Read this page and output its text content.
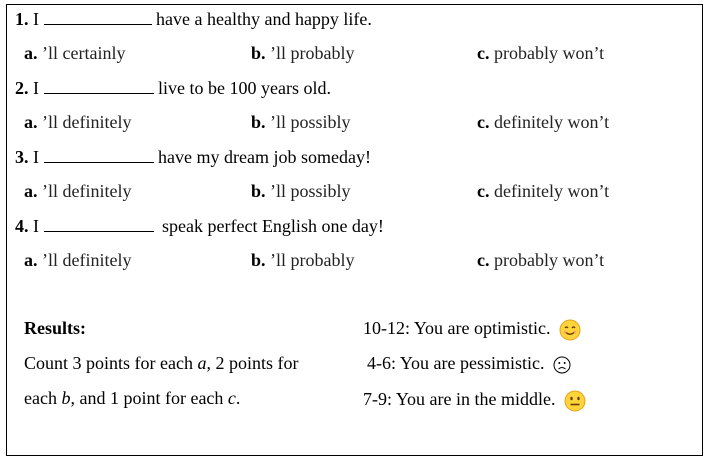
1. I	have a healthy and happy life.
a. ’ll certainly	b. ’ll probably	c. probably won’t
2. I	live to be 100 years old.
a. ’ll definitely	b. ’ll possibly	c. definitely won’t
3. I	have my dream job someday!
a. ’ll definitely	b. ’ll possibly	c. definitely won’t
4. I	speak perfect English one day!
a. ’ll definitely	b. ’ll probably	c. probably won’t
Results:
Count 3 points for each a, 2 points for
each b, and 1 point for each c.
10-12: You are optimistic.
4-6: You are pessimistic.
7-9: You are in the middle.
